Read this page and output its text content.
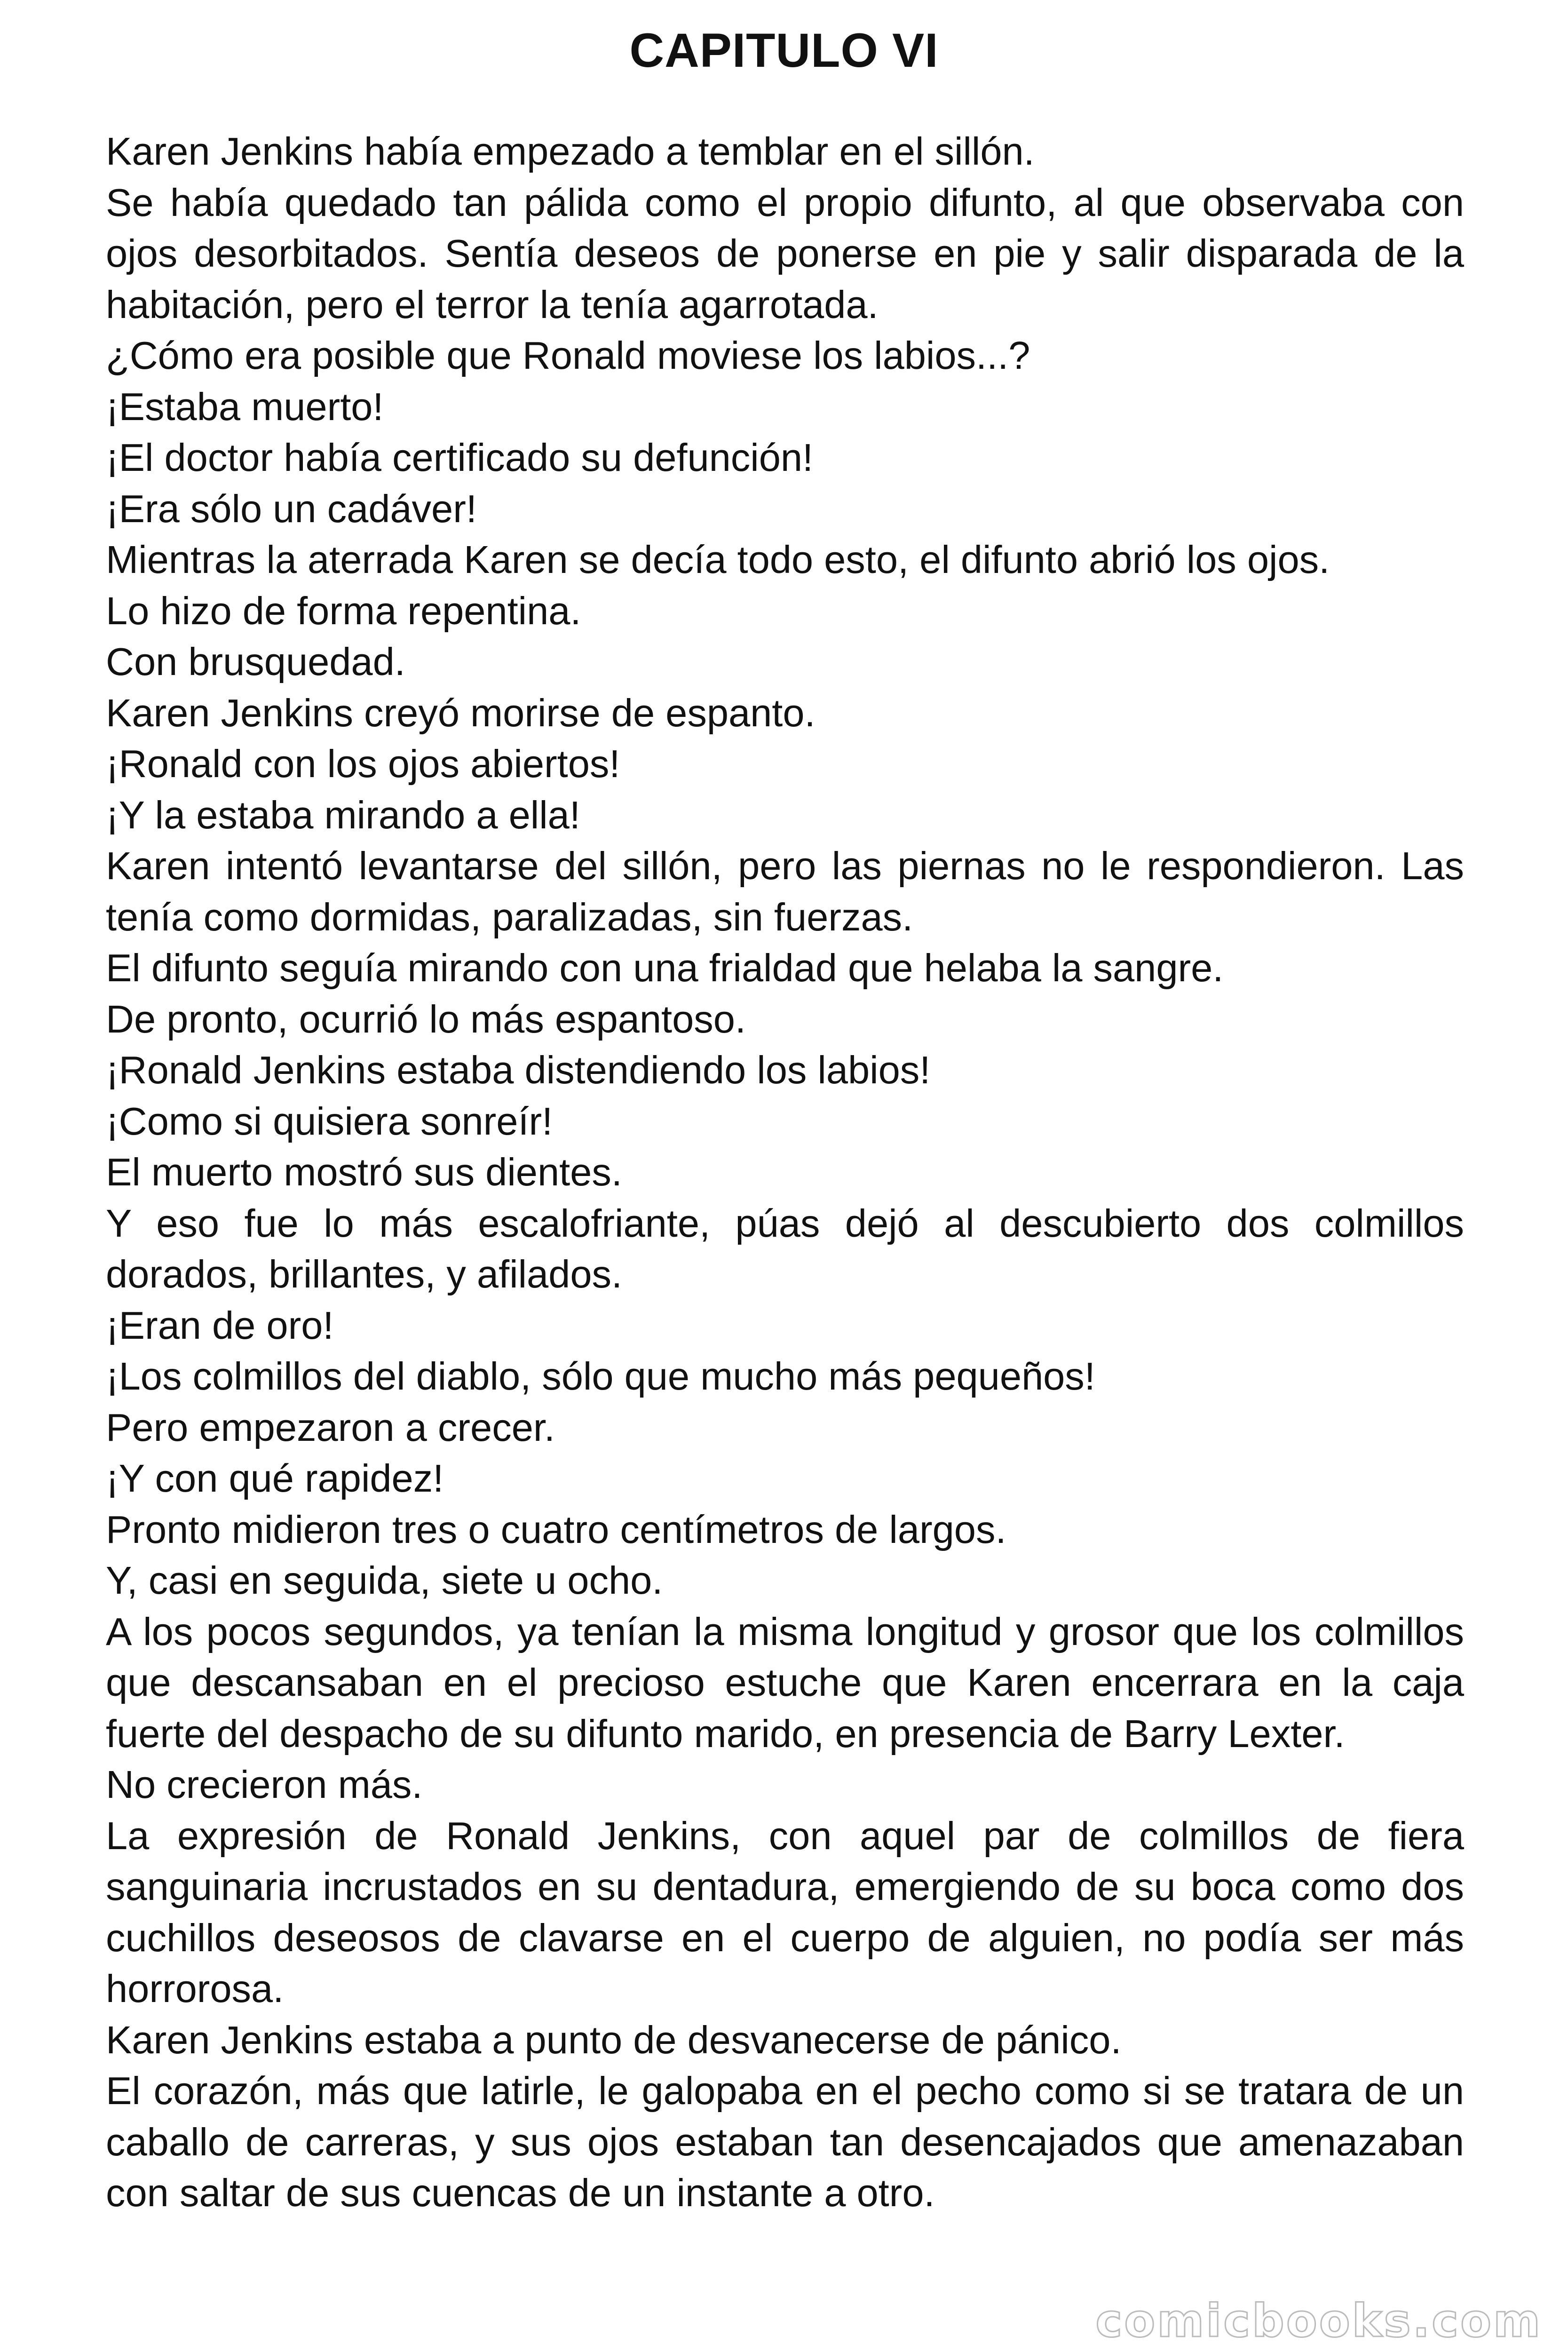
CAPITULO VI

Karen Jenkins había empezado a temblar en el sillón.

Se había quedado tan pálida como el propio difunto, al que observaba con ojos desorbitados. Sentía deseos de ponerse en pie y salir disparada de la habitación, pero el terror la tenía agarrotada.

¿Cómo era posible que Ronald moviese los labios...?

¡Estaba muerto!

¡El doctor había certificado su defunción!

¡Era sólo un cadáver!

Mientras la aterrada Karen se decía todo esto, el difunto abrió los ojos.

Lo hizo de forma repentina.

Con brusquedad.

Karen Jenkins creyó morirse de espanto.

¡Ronald con los ojos abiertos!

¡Y la estaba mirando a ella!

Karen intentó levantarse del sillón, pero las piernas no le respondieron. Las tenía como dormidas, paralizadas, sin fuerzas.

El difunto seguía mirando con una frialdad que helaba la sangre.

De pronto, ocurrió lo más espantoso.

¡Ronald Jenkins estaba distendiendo los labios!

¡Como si quisiera sonreír!

El muerto mostró sus dientes.

Y eso fue lo más escalofriante, púas dejó al descubierto dos colmillos dorados, brillantes, y afilados.

¡Eran de oro!

¡Los colmillos del diablo, sólo que mucho más pequeños!

Pero empezaron a crecer.

¡Y con qué rapidez!

Pronto midieron tres o cuatro centímetros de largos.

Y, casi en seguida, siete u ocho.

A los pocos segundos, ya tenían la misma longitud y grosor que los colmillos que descansaban en el precioso estuche que Karen encerrara en la caja fuerte del despacho de su difunto marido, en presencia de Barry Lexter.

No crecieron más.

La expresión de Ronald Jenkins, con aquel par de colmillos de fiera sanguinaria incrustados en su dentadura, emergiendo de su boca como dos cuchillos deseosos de clavarse en el cuerpo de alguien, no podía ser más horrorosa.

Karen Jenkins estaba a punto de desvanecerse de pánico.

El corazón, más que latirle, le galopaba en el pecho como si se tratara de un caballo de carreras, y sus ojos estaban tan desencajados que amenazaban con saltar de sus cuencas de un instante a otro.

comicbooks.com
